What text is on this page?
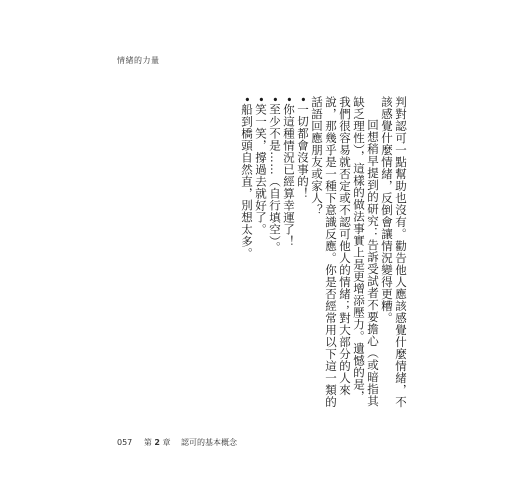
情緒的力量

判對認可一點幫助也沒有。勸告他人應該感覺什麼情緒，不該感覺什麼情緒，反倒會讓情況變得更糟。

回想稍早提到的研究：告訴受試者不要擔心（或暗指其缺乏理性），這樣的做法事實上是更增添壓力。遺憾的是，我們很容易就否定或不認可他人的情緒；對大部分的人來說，那幾乎是一種下意識反應。你是否經常用以下這一類的話語回應朋友或家人？

•一切都會沒事的！

•你這種情況已經算幸運了！

•至少不是……（自行填空）。

•笑一笑，撐過去就好了。

•船到橋頭自然直，別想太多。

057 第 2 章 認可的基本概念
